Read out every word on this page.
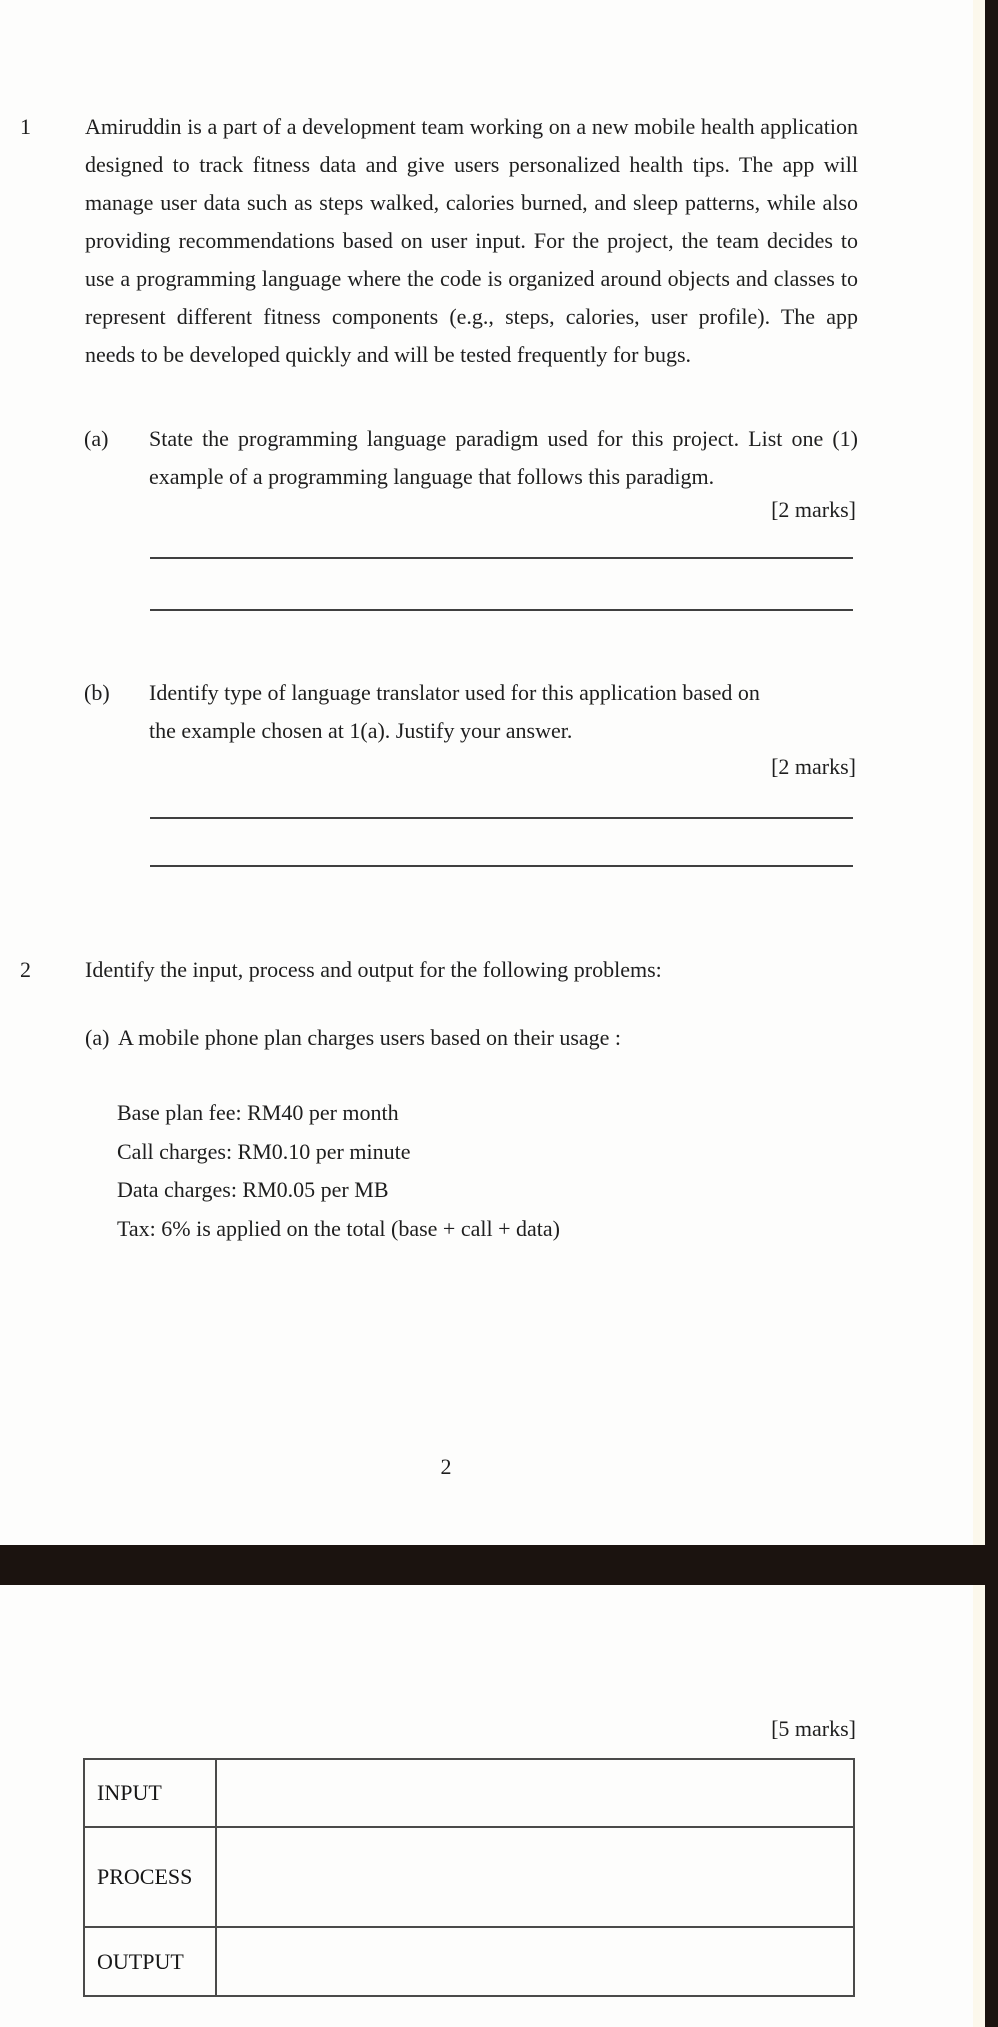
1 Amiruddin is a part of a development team working on a new mobile health application
designed to track fitness data and give users personalized health tips. The app will
manage user data such as steps walked, calories burned, and sleep patterns, while also
providing recommendations based on user input. For the project, the team decides to
use a programming language where the code is organized around objects and classes to
represent different fitness components (e.g., steps, calories, user profile). The app
needs to be developed quickly and will be tested frequently for bugs.
(a) State the programming language paradigm used for this project. List one (1)
example of a programming language that follows this paradigm.
[2 marks]
(b) Identify type of language translator used for this application based on
the example chosen at 1(a). Justify your answer.
[2 marks]
2 Identify the input, process and output for the following problems:
(a) A mobile phone plan charges users based on their usage :
Base plan fee: RM40 per month
Call charges: RM0.10 per minute
Data charges: RM0.05 per MB
Tax: 6% is applied on the total (base + call + data)
2
[5 marks]
INPUT
PROCESS
OUTPUT
